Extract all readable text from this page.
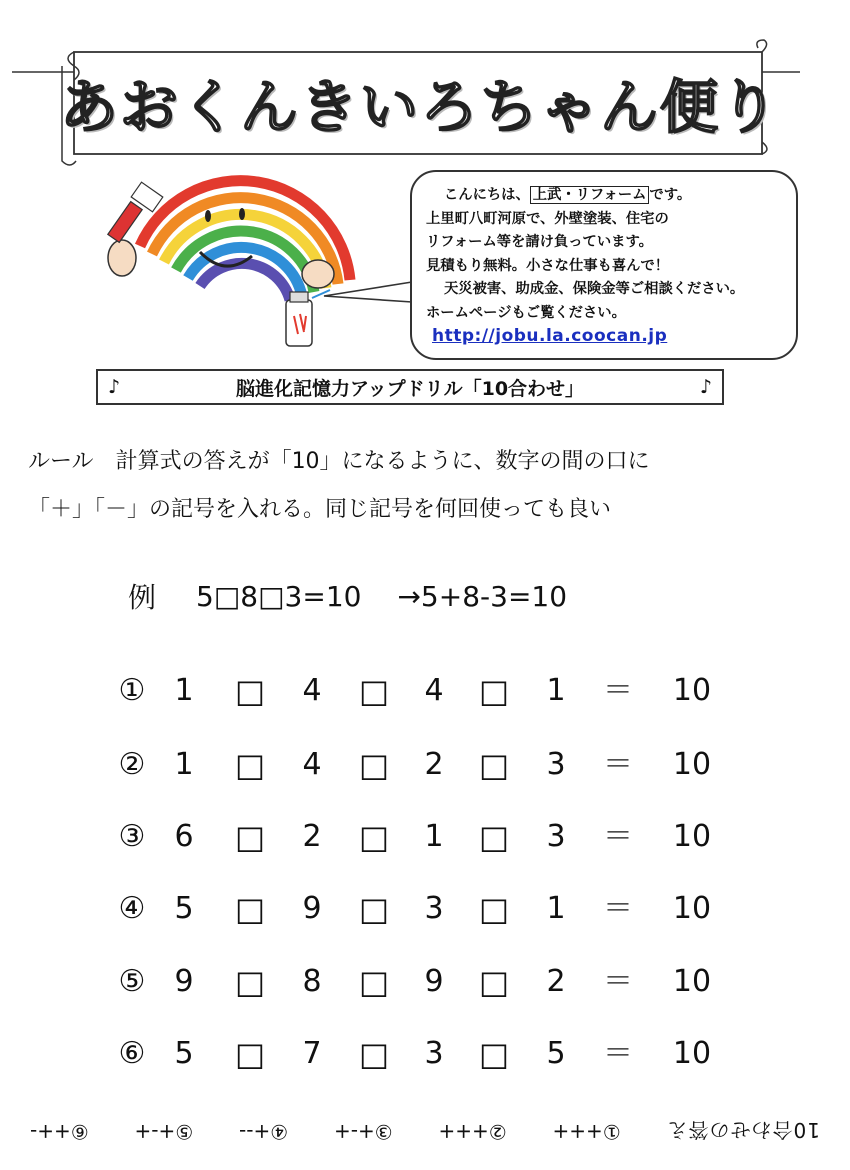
あおくんきいろちゃん便り
こんにちは、 上武・リフォーム です。
上里町八町河原で、外壁塗装、住宅の
リフォーム等を請け負っています。
見積もり無料。小さな仕事も喜んで！
天災被害、助成金、保険金等ご相談ください。
ホームページもご覧ください。
http://jobu.la.coocan.jp
♪	脳進化記憶力アップドリル「10合わせ」	♪
ルール 計算式の答えが「10」になるように、数字の間の口に
「＋」「－」の記号を入れる。同じ記号を何回使っても良い
例 5□8□3=10 →5+8-3=10
① 1	□	4	□	4	□	1	＝	10
② 1	□	4	□	2	□	3	＝	10
③ 6	□	2	□	1	□	3	＝	10
④ 5	□	9	□	3	□	1	＝	10
⑤ 9	□	8	□	9	□	2	＝	10
⑥ 5	□	7	□	3	□	5	＝	10
10合わせの答え
①+++
②+++
③+-+
④+--
⑤+-+
⑥++-
